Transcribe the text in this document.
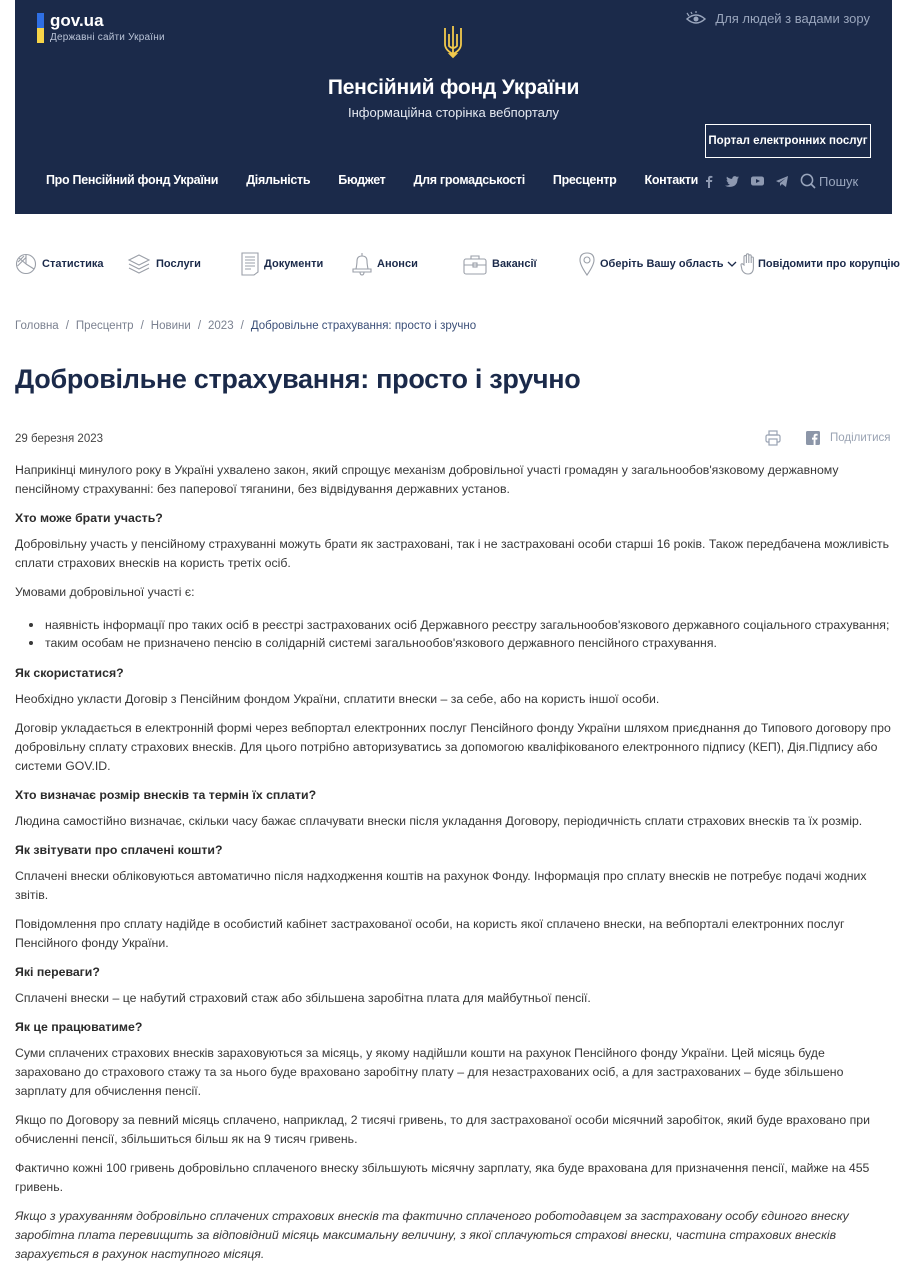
gov.ua
Державні сайти України
Для людей з вадами зору
Пенсійний фонд України
Інформаційна сторінка вебпорталу
Портал електронних послуг
Про Пенсійний фонд України Діяльність Бюджет Для громадськості Пресцентр Контакти	Пошук
Статистика	Послуги	Документи	Анонси	Вакансії	Оберіть Вашу область	Повідомити про корупцію
Головна / Пресцентр / Новини / 2023 / Добровільне страхування: просто і зручно
Добровільне страхування: просто і зручно
29 березня 2023	Поділитися

Наприкінці минулого року в Україні ухвалено закон, який спрощує механізм добровільної участі громадян у загальнообов'язковому державному пенсійному страхуванні: без паперової тяганини, без відвідування державних установ.

Хто може брати участь?

Добровільну участь у пенсійному страхуванні можуть брати як застраховані, так і не застраховані особи старші 16 років. Також передбачена можливість сплати страхових внесків на користь третіх осіб.

Умовами добровільної участі є:

наявність інформації про таких осіб в реєстрі застрахованих осіб Державного реєстру загальнообов'язкового державного соціального страхування;
таким особам не призначено пенсію в солідарній системі загальнообов'язкового державного пенсійного страхування.
Як скористатися?

Необхідно укласти Договір з Пенсійним фондом України, сплатити внески – за себе, або на користь іншої особи.

Договір укладається в електронній формі через вебпортал електронних послуг Пенсійного фонду України шляхом приєднання до Типового договору про добровільну сплату страхових внесків. Для цього потрібно авторизуватись за допомогою кваліфікованого електронного підпису (КЕП), Дія.Підпису або системи GOV.ID.

Хто визначає розмір внесків та термін їх сплати?

Людина самостійно визначає, скільки часу бажає сплачувати внески після укладання Договору, періодичність сплати страхових внесків та їх розмір.

Як звітувати про сплачені кошти?

Сплачені внески обліковуються автоматично після надходження коштів на рахунок Фонду. Інформація про сплату внесків не потребує подачі жодних звітів.

Повідомлення про сплату надійде в особистий кабінет застрахованої особи, на користь якої сплачено внески, на вебпорталі електронних послуг Пенсійного фонду України.

Які переваги?

Сплачені внески – це набутий страховий стаж або збільшена заробітна плата для майбутньої пенсії.

Як це працюватиме?

Суми сплачених страхових внесків зараховуються за місяць, у якому надійшли кошти на рахунок Пенсійного фонду України. Цей місяць буде зараховано до страхового стажу та за нього буде враховано заробітну плату – для незастрахованих осіб, а для застрахованих – буде збільшено зарплату для обчислення пенсії.

Якщо по Договору за певний місяць сплачено, наприклад, 2 тисячі гривень, то для застрахованої особи місячний заробіток, який буде враховано при обчисленні пенсії, збільшиться більш як на 9 тисяч гривень.

Фактично кожні 100 гривень добровільно сплаченого внеску збільшують місячну зарплату, яка буде врахована для призначення пенсії, майже на 455 гривень.

Якщо з урахуванням добровільно сплачених страхових внесків та фактично сплаченого роботодавцем за застраховану особу єдиного внеску заробітна плата перевищить за відповідний місяць максимальну величину, з якої сплачуються страхові внески, частина страхових внесків зарахується в рахунок наступного місяця.
